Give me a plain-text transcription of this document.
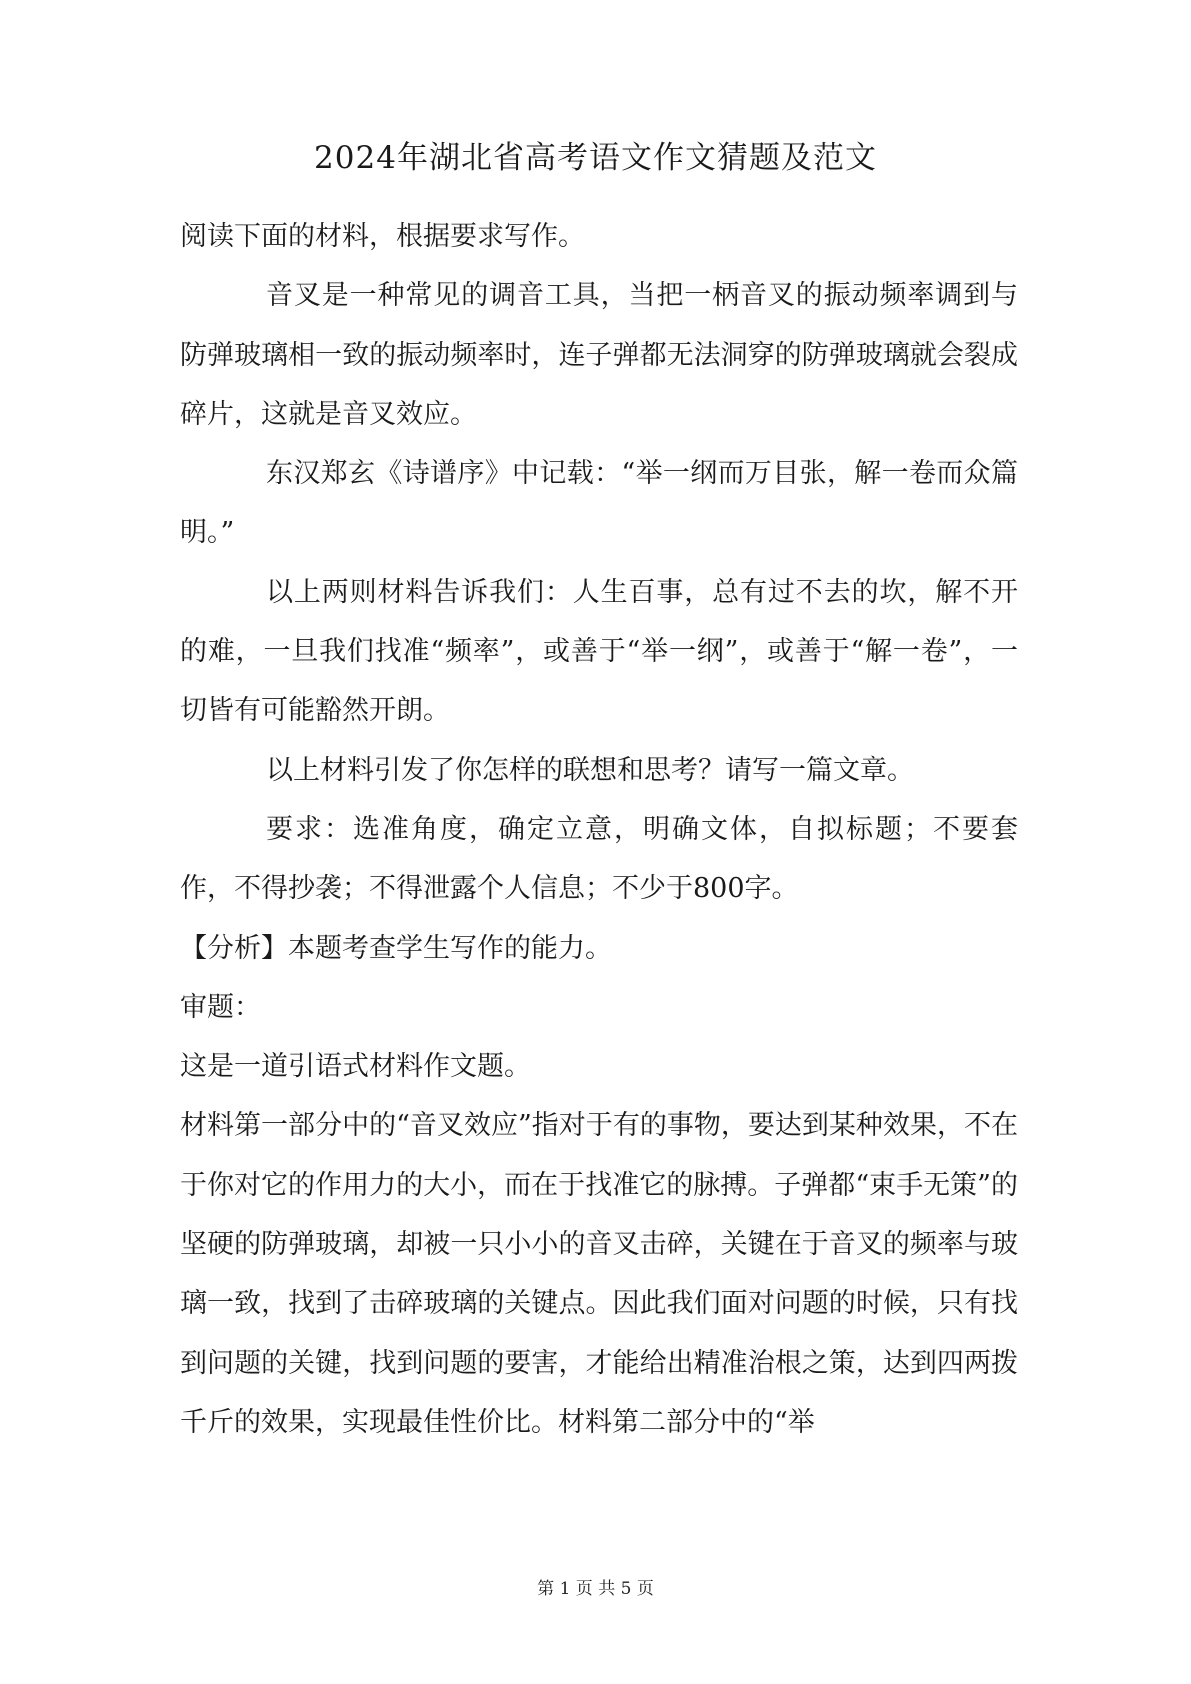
2024年湖北省高考语文作文猜题及范文

阅读下面的材料，根据要求写作。

音叉是一种常见的调音工具，当把一柄音叉的振动频率调到与防弹玻璃相一致的振动频率时，连子弹都无法洞穿的防弹玻璃就会裂成碎片，这就是音叉效应。

东汉郑玄《诗谱序》中记载：“举一纲而万目张，解一卷而众篇明。”

以上两则材料告诉我们：人生百事，总有过不去的坎，解不开的难，一旦我们找准“频率”，或善于“举一纲”，或善于“解一卷”，一切皆有可能豁然开朗。

以上材料引发了你怎样的联想和思考？请写一篇文章。

要求：选准角度，确定立意，明确文体，自拟标题；不要套作，不得抄袭；不得泄露个人信息；不少于800字。

【分析】本题考查学生写作的能力。

审题：

这是一道引语式材料作文题。

材料第一部分中的“音叉效应”指对于有的事物，要达到某种效果，不在于你对它的作用力的大小，而在于找准它的脉搏。子弹都“束手无策”的坚硬的防弹玻璃，却被一只小小的音叉击碎，关键在于音叉的频率与玻璃一致，找到了击碎玻璃的关键点。因此我们面对问题的时候，只有找到问题的关键，找到问题的要害，才能给出精准治根之策，达到四两拨千斤的效果，实现最佳性价比。材料第二部分中的“举

第 1 页 共 5 页
